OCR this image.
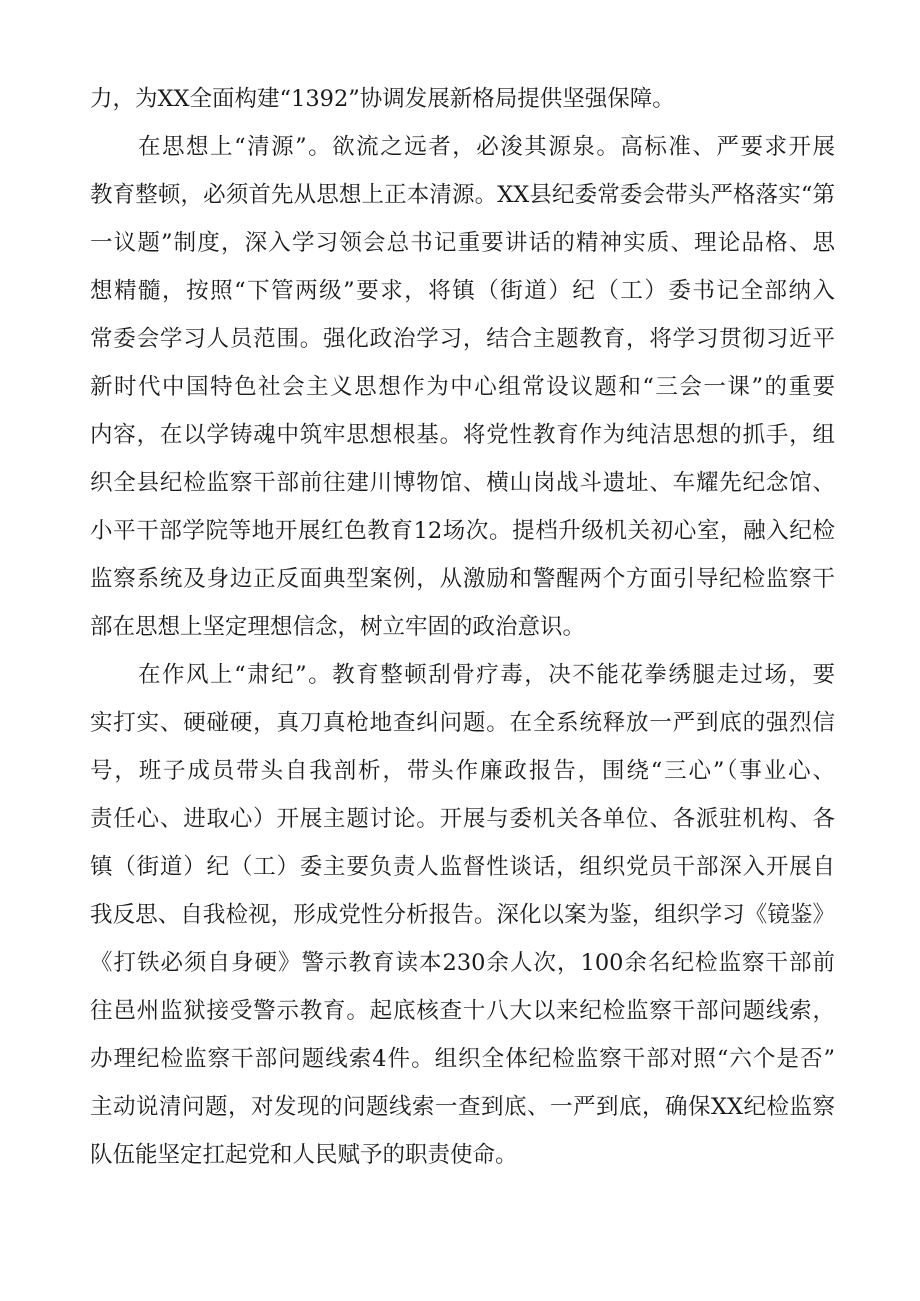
力，为XX全面构建“1392”协调发展新格局提供坚强保障。
在思想上“清源”。欲流之远者，必浚其源泉。高标准、严要求开展
教育整顿，必须首先从思想上正本清源。XX县纪委常委会带头严格落实“第
一议题”制度，深入学习领会总书记重要讲话的精神实质、理论品格、思
想精髓，按照“下管两级”要求，将镇（街道）纪（工）委书记全部纳入
常委会学习人员范围。强化政治学习，结合主题教育，将学习贯彻习近平
新时代中国特色社会主义思想作为中心组常设议题和“三会一课”的重要
内容，在以学铸魂中筑牢思想根基。将党性教育作为纯洁思想的抓手，组
织全县纪检监察干部前往建川博物馆、横山岗战斗遗址、车耀先纪念馆、
小平干部学院等地开展红色教育12场次。提档升级机关初心室，融入纪检
监察系统及身边正反面典型案例，从激励和警醒两个方面引导纪检监察干
部在思想上坚定理想信念，树立牢固的政治意识。
在作风上“肃纪”。教育整顿刮骨疗毒，决不能花拳绣腿走过场，要
实打实、硬碰硬，真刀真枪地查纠问题。在全系统释放一严到底的强烈信
号，班子成员带头自我剖析，带头作廉政报告，围绕“三心”（事业心、
责任心、进取心）开展主题讨论。开展与委机关各单位、各派驻机构、各
镇（街道）纪（工）委主要负责人监督性谈话，组织党员干部深入开展自
我反思、自我检视，形成党性分析报告。深化以案为鉴，组织学习《镜鉴》
《打铁必须自身硬》警示教育读本230余人次，100余名纪检监察干部前
往邑州监狱接受警示教育。起底核查十八大以来纪检监察干部问题线索，
办理纪检监察干部问题线索4件。组织全体纪检监察干部对照“六个是否”
主动说清问题，对发现的问题线索一查到底、一严到底，确保XX纪检监察
队伍能坚定扛起党和人民赋予的职责使命。
